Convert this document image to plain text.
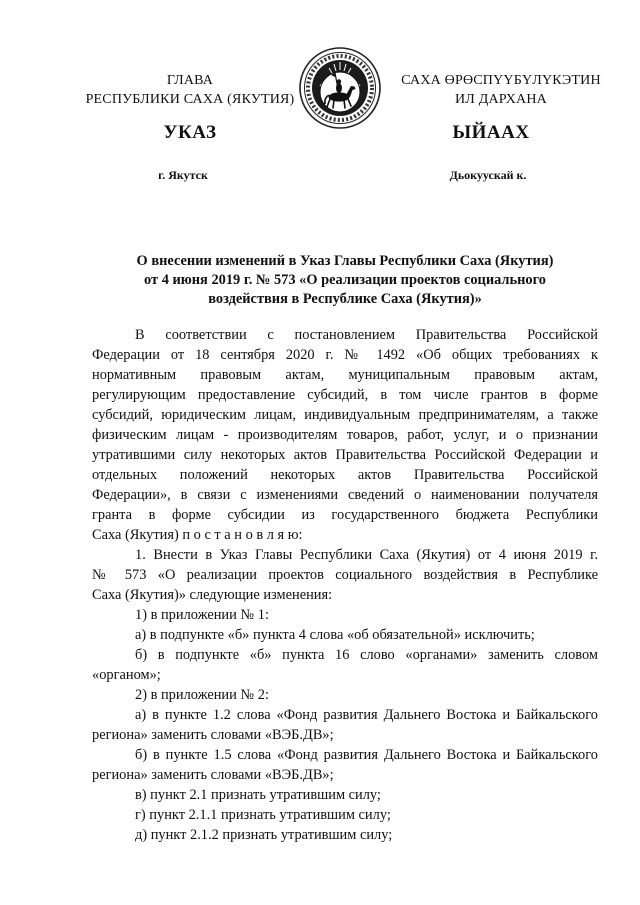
ГЛАВА
РЕСПУБЛИКИ САХА (ЯКУТИЯ)
САХА ӨРӨСПҮҮБҮЛҮКЭТИН
ИЛ ДАРХАНА
УКАЗ	ЫЙААХ
г. Якутск	Дьокуускай к.
О внесении изменений в Указ Главы Республики Саха (Якутия)
от 4 июня 2019 г. № 573 «О реализации проектов социального
воздействия в Республике Саха (Якутия)»
В соответствии с постановлением Правительства Российской
Федерации от 18 сентября 2020 г. № 1492 «Об общих требованиях к
нормативным правовым актам, муниципальным правовым актам,
регулирующим предоставление субсидий, в том числе грантов в форме
субсидий, юридическим лицам, индивидуальным предпринимателям, а также
физическим лицам - производителям товаров, работ, услуг, и о признании
утратившими силу некоторых актов Правительства Российской Федерации и
отдельных положений некоторых актов Правительства Российской
Федерации», в связи с изменениями сведений о наименовании получателя
гранта в форме субсидии из государственного бюджета Республики
Саха (Якутия) п о с т а н о в л я ю:
1. Внести в Указ Главы Республики Саха (Якутия) от 4 июня 2019 г.
№ 573 «О реализации проектов социального воздействия в Республике
Саха (Якутия)» следующие изменения:
1) в приложении № 1:
а) в подпункте «б» пункта 4 слова «об обязательной» исключить;
б) в подпункте «б» пункта 16 слово «органами» заменить словом
«органом»;
2) в приложении № 2:
а) в пункте 1.2 слова «Фонд развития Дальнего Востока и Байкальского
региона» заменить словами «ВЭБ.ДВ»;
б) в пункте 1.5 слова «Фонд развития Дальнего Востока и Байкальского
региона» заменить словами «ВЭБ.ДВ»;
в) пункт 2.1 признать утратившим силу;
г) пункт 2.1.1 признать утратившим силу;
д) пункт 2.1.2 признать утратившим силу;
